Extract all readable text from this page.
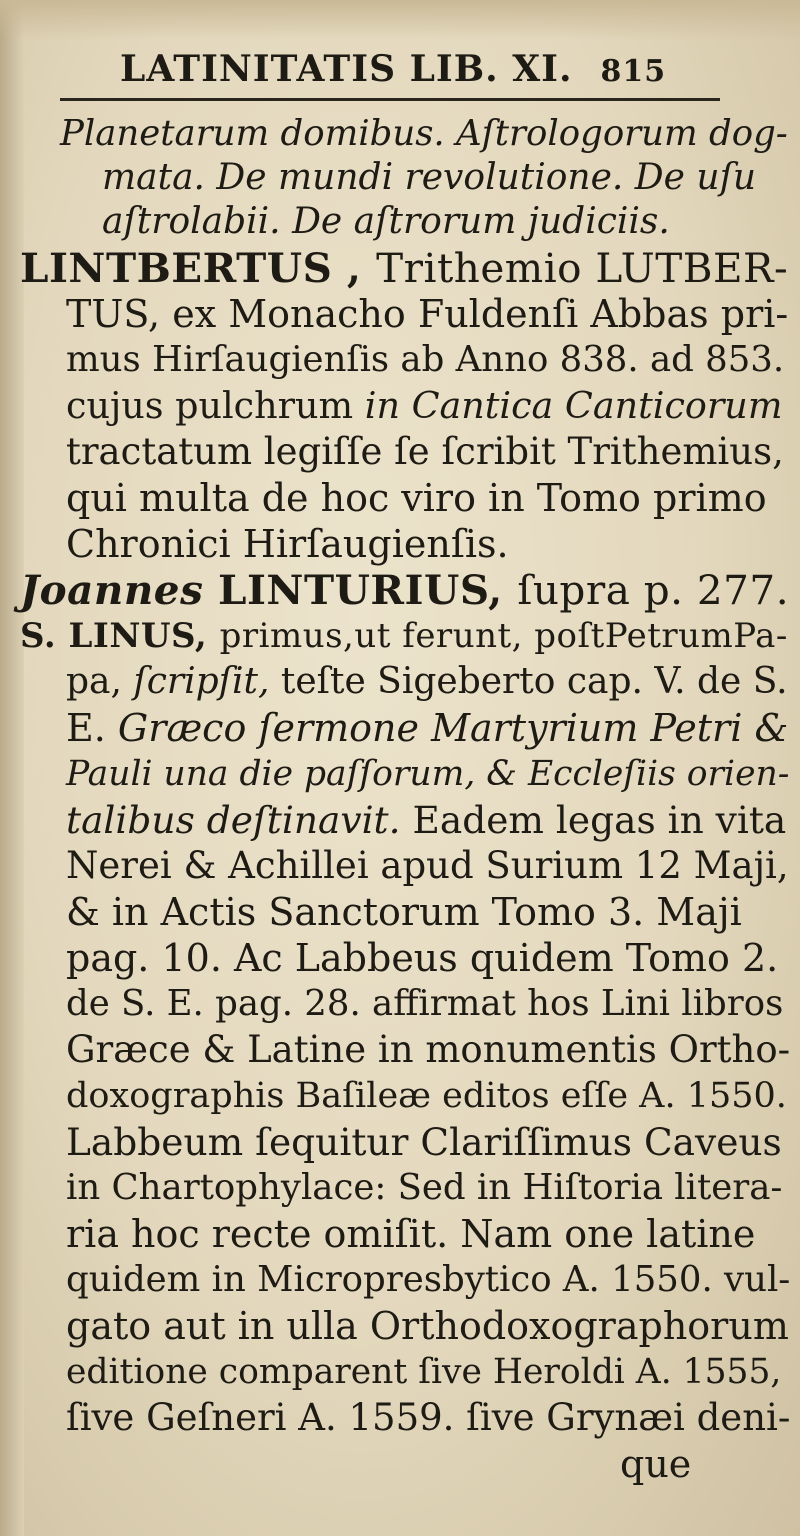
LATINITATIS LIB. XI. 815
Planetarum domibus. Aſtrologorum dog-
mata. De mundi revolutione. De uſu
aſtrolabii. De aſtrorum judiciis.
LINTBERTUS , Trithemio LUTBER-
TUS, ex Monacho Fuldenſi Abbas pri-
mus Hirſaugienſis ab Anno 838. ad 853.
cujus pulchrum in Cantica Canticorum
tractatum legiſſe ſe ſcribit Trithemius,
qui multa de hoc viro in Tomo primo
Chronici Hirſaugienſis.
Joannes LINTURIUS, ſupra p. 277.
S. LINUS, primus,ut ferunt, poſtPetrumPa-
pa, ſcripſit, teſte Sigeberto cap. V. de S.
E. Græco ſermone Martyrium Petri &
Pauli una die paſſorum, & Eccleſiis orien-
talibus deſtinavit. Eadem legas in vita
Nerei & Achillei apud Surium 12 Maji,
& in Actis Sanctorum Tomo 3. Maji
pag. 10. Ac Labbeus quidem Tomo 2.
de S. E. pag. 28. affirmat hos Lini libros
Græce & Latine in monumentis Ortho-
doxographis Baſileæ editos eſſe A. 1550.
Labbeum ſequitur Clariſſimus Caveus
in Chartophylace: Sed in Hiſtoria litera-
ria hoc recte omiſit. Nam one latine
quidem in Micropresbytico A. 1550. vul-
gato aut in ulla Orthodoxographorum
editione comparent ſive Heroldi A. 1555,
ſive Geſneri A. 1559. ſive Grynæi deni-
que
